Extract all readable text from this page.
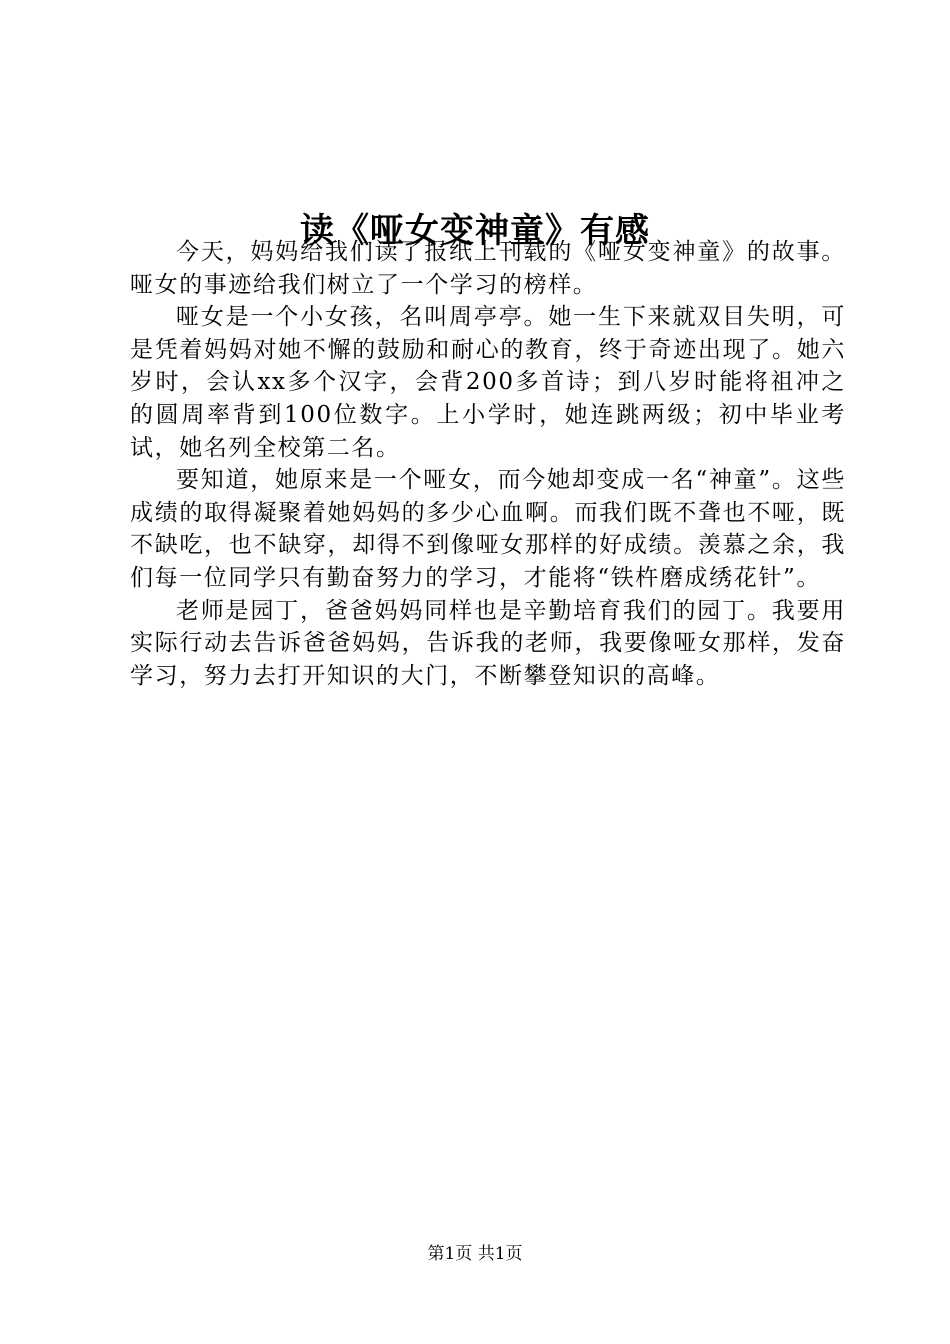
读《哑女变神童》有感

今天，妈妈给我们读了报纸上刊载的《哑女变神童》的故事。哑女的事迹给我们树立了一个学习的榜样。

哑女是一个小女孩，名叫周亭亭。她一生下来就双目失明，可是凭着妈妈对她不懈的鼓励和耐心的教育，终于奇迹出现了。她六岁时，会认xx多个汉字，会背200多首诗；到八岁时能将祖冲之的圆周率背到100位数字。上小学时，她连跳两级；初中毕业考试，她名列全校第二名。

要知道，她原来是一个哑女，而今她却变成一名“神童”。这些成绩的取得凝聚着她妈妈的多少心血啊。而我们既不聋也不哑，既不缺吃，也不缺穿，却得不到像哑女那样的好成绩。羡慕之余，我们每一位同学只有勤奋努力的学习，才能将“铁杵磨成绣花针”。

老师是园丁，爸爸妈妈同样也是辛勤培育我们的园丁。我要用实际行动去告诉爸爸妈妈，告诉我的老师，我要像哑女那样，发奋学习，努力去打开知识的大门，不断攀登知识的高峰。

第1页 共1页
